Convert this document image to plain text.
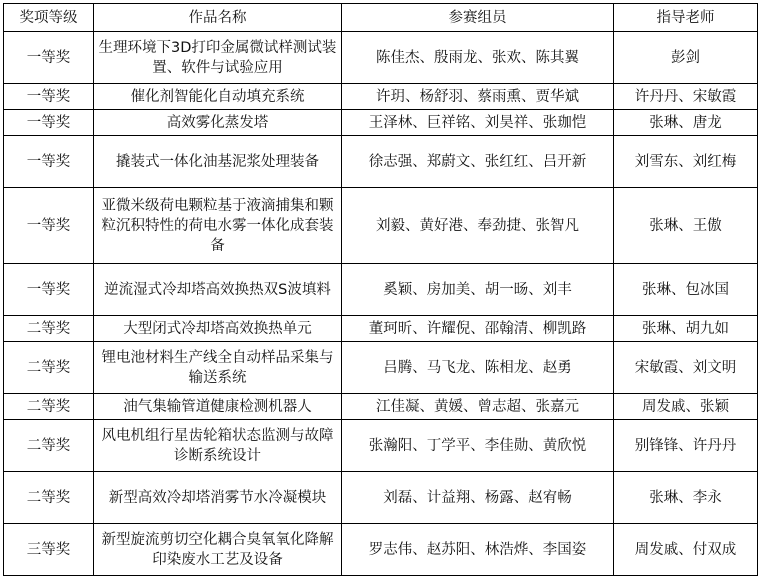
奖项等级	作品名称	参赛组员	指导老师
一等奖	生理环境下3D打印金属微试样测试装置、软件与试验应用	陈佳杰、殷雨龙、张欢、陈其翼	彭剑
一等奖	催化剂智能化自动填充系统	许玥、杨舒羽、蔡雨熏、贾华斌	许丹丹、宋敏霞
一等奖	高效雾化蒸发塔	王泽林、巨祥铭、刘昊祥、张珈恺	张琳、唐龙
一等奖	撬装式一体化油基泥浆处理装备	徐志强、郑蔚文、张红红、吕开新	刘雪东、刘红梅
一等奖	亚微米级荷电颗粒基于液滴捕集和颗粒沉积特性的荷电水雾一体化成套装备	刘毅、黄好港、奉劲捷、张智凡	张琳、王傲
一等奖	逆流湿式冷却塔高效换热双S波填料	奚颖、房加美、胡一旸、刘丰	张琳、包冰国
二等奖	大型闭式冷却塔高效换热单元	董珂昕、许耀倪、邵翰清、柳凯路	张琳、胡九如
二等奖	锂电池材料生产线全自动样品采集与输送系统	吕腾、马飞龙、陈相龙、赵勇	宋敏霞、刘文明
二等奖	油气集输管道健康检测机器人	江佳凝、黄媛、曾志超、张嘉元	周发戚、张颖
二等奖	风电机组行星齿轮箱状态监测与故障诊断系统设计	张瀚阳、丁学平、李佳勋、黄欣悦	别锋锋、许丹丹
二等奖	新型高效冷却塔消雾节水冷凝模块	刘磊、计益翔、杨露、赵宥畅	张琳、李永
三等奖	新型旋流剪切空化耦合臭氧氧化降解印染废水工艺及设备	罗志伟、赵苏阳、林浩烨、李国姿	周发戚、付双成
